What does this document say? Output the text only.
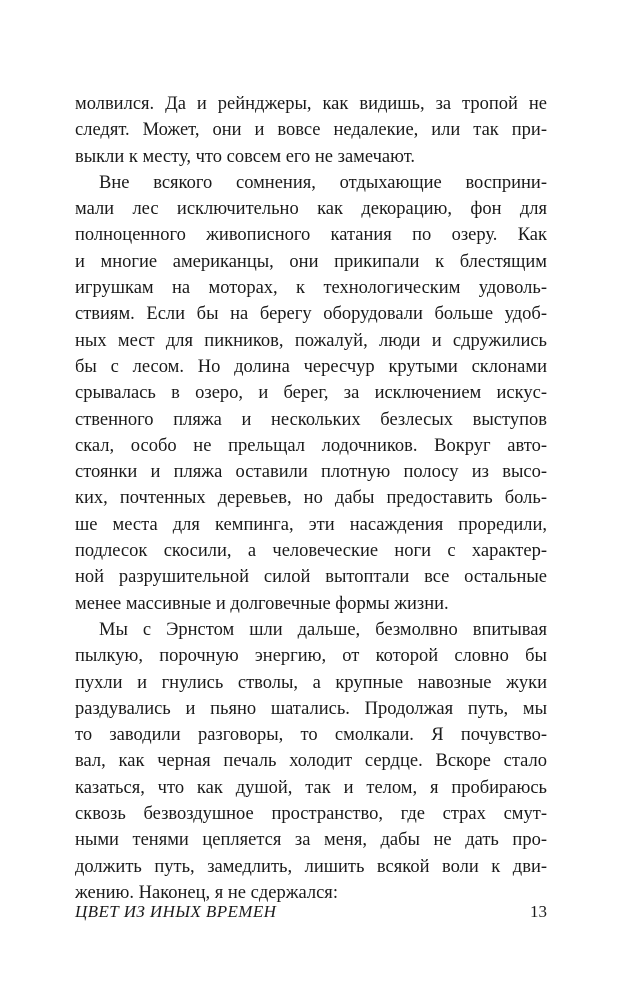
молвился. Да и рейнджеры, как видишь, за тропой не
следят. Может, они и вовсе недалекие, или так при-
выкли к месту, что совсем его не замечают.
Вне всякого сомнения, отдыхающие восприни-
мали лес исключительно как декорацию, фон для
полноценного живописного катания по озеру. Как
и многие американцы, они прикипали к блестящим
игрушкам на моторах, к технологическим удоволь-
ствиям. Если бы на берегу оборудовали больше удоб-
ных мест для пикников, пожалуй, люди и сдружились
бы с лесом. Но долина чересчур крутыми склонами
срывалась в озеро, и берег, за исключением искус-
ственного пляжа и нескольких безлесых выступов
скал, особо не прельщал лодочников. Вокруг авто-
стоянки и пляжа оставили плотную полосу из высо-
ких, почтенных деревьев, но дабы предоставить боль-
ше места для кемпинга, эти насаждения проредили,
подлесок скосили, а человеческие ноги с характер-
ной разрушительной силой вытоптали все остальные
менее массивные и долговечные формы жизни.
Мы с Эрнстом шли дальше, безмолвно впитывая
пылкую, порочную энергию, от которой словно бы
пухли и гнулись стволы, а крупные навозные жуки
раздувались и пьяно шатались. Продолжая путь, мы
то заводили разговоры, то смолкали. Я почувство-
вал, как черная печаль холодит сердце. Вскоре стало
казаться, что как душой, так и телом, я пробираюсь
сквозь безвоздушное пространство, где страх смут-
ными тенями цепляется за меня, дабы не дать про-
должить путь, замедлить, лишить всякой воли к дви-
жению. Наконец, я не сдержался:
ЦВЕТ ИЗ ИНЫХ ВРЕМЕН	13
